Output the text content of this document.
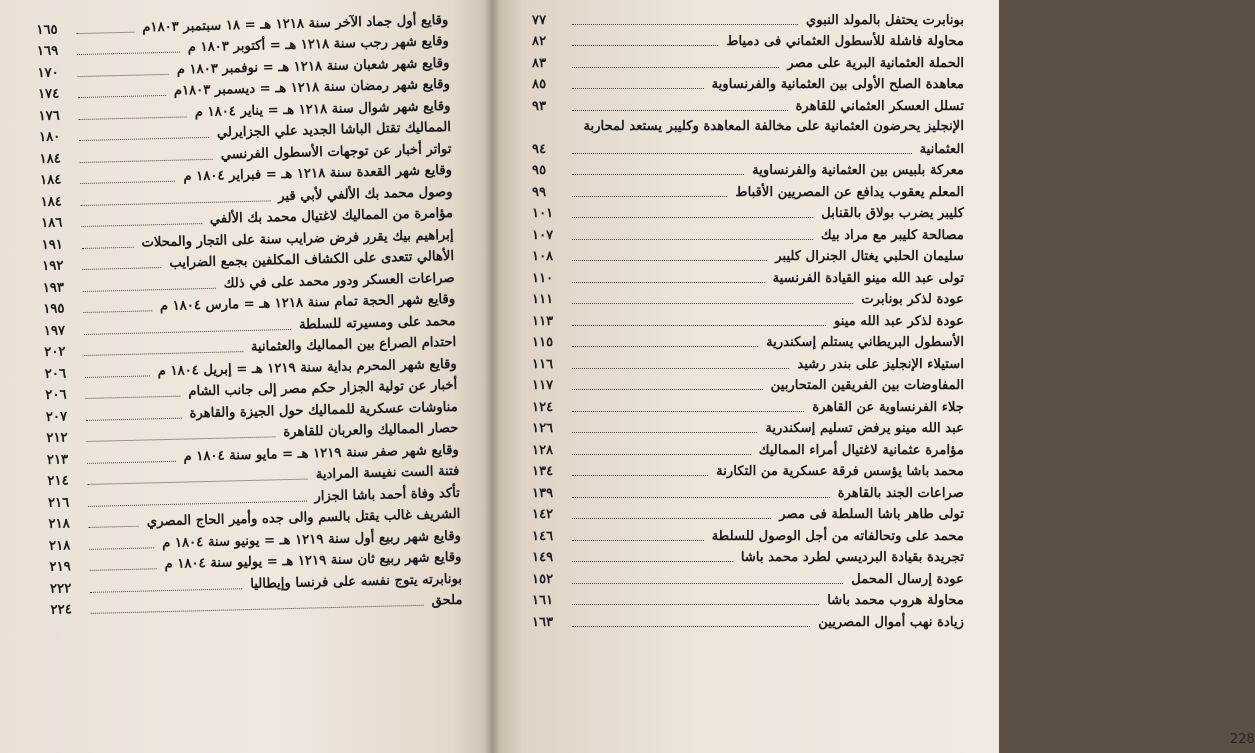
وقايع أول جماد الآخر سنة ١٢١٨ هـ = ١٨ سبتمبر ١٨٠٣م
١٦٥
وقايع شهر رجب سنة ١٢١٨ هـ = أكتوبر ١٨٠٣ م
١٦٩
وقايع شهر شعبان سنة ١٢١٨ هـ = نوفمبر ١٨٠٣ م
١٧٠
وقايع شهر رمضان سنة ١٢١٨ هـ = ديسمبر ١٨٠٣م
١٧٤
وقايع شهر شوال سنة ١٢١٨ هـ = يناير ١٨٠٤ م
١٧٦
المماليك تقتل الباشا الجديد علي الجزايرلي
١٨٠
تواتر أخبار عن توجهات الأسطول الفرنسي
١٨٤
وقايع شهر القعدة سنة ١٢١٨ هـ = فبراير ١٨٠٤ م
١٨٤
وصول محمد بك الألفي لأبي قير
١٨٤
مؤامرة من المماليك لاغتيال محمد بك الألفي
١٨٦
إبراهيم بيك يقرر فرض ضرايب سنة على التجار والمحلات
١٩١
الأهالي تتعدى على الكشاف المكلفين بجمع الضرايب
١٩٢
صراعات العسكر ودور محمد على في ذلك
١٩٣
وقايع شهر الحجة تمام سنة ١٢١٨ هـ = مارس ١٨٠٤ م
١٩٥
محمد على ومسيرته للسلطة
١٩٧
احتدام الصراع بين المماليك والعثمانية
٢٠٢
وقايع شهر المحرم بداية سنة ١٢١٩ هـ = إبريل ١٨٠٤ م
٢٠٦
أخبار عن تولية الجزار حكم مصر إلى جانب الشام
٢٠٦
مناوشات عسكرية للمماليك حول الجيزة والقاهرة
٢٠٧
حصار المماليك والعربان للقاهرة
٢١٢
وقايع شهر صفر سنة ١٢١٩ هـ = مايو سنة ١٨٠٤ م
٢١٣
فتنة الست نفيسة المرادية
٢١٤
تأكد وفاة أحمد باشا الجزار
٢١٦
الشريف غالب يقتل بالسم والى جده وأمير الحاج المصري
٢١٨
وقايع شهر ربيع أول سنة ١٢١٩ هـ = يونيو سنة ١٨٠٤ م
٢١٨
وقايع شهر ربيع ثان سنة ١٢١٩ هـ = يوليو سنة ١٨٠٤ م
٢١٩
بونابرته يتوج نفسه على فرنسا وإيطاليا
٢٢٢
ملحق
٢٢٤
بونابرت يحتفل بالمولد النبوي
٧٧
محاولة فاشلة للأسطول العثماني فى دمياط
٨٢
الحملة العثمانية البرية على مصر
٨٣
معاهدة الصلح الأولى بين العثمانية والفرنساوية
٨٥
تسلل العسكر العثماني للقاهرة
٩٣
الإنجليز يحرضون العثمانية على مخالفة المعاهدة وكليبر يستعد لمحاربة
العثمانية
٩٤
معركة بلبيس بين العثمانية والفرنساوية
٩٥
المعلم يعقوب يدافع عن المصريين الأقباط
٩٩
كليبر يضرب بولاق بالقنابل
١٠١
مصالحة كليبر مع مراد بيك
١٠٧
سليمان الحلبي يغتال الجنرال كليبر
١٠٨
تولى عبد الله مينو القيادة الفرنسية
١١٠
عودة لذكر بونابرت
١١١
عودة لذكر عبد الله مينو
١١٣
الأسطول البريطاني يستلم إسكندرية
١١٥
استيلاء الإنجليز على بندر رشيد
١١٦
المفاوضات بين الفريقين المتحاربين
١١٧
جلاء الفرنساوية عن القاهرة
١٢٤
عبد الله مينو يرفض تسليم إسكندرية
١٢٦
مؤامرة عثمانية لاغتيال أمراء المماليك
١٢٨
محمد باشا يؤسس فرقة عسكرية من التكارنة
١٣٤
صراعات الجند بالقاهرة
١٣٩
تولى طاهر باشا السلطة فى مصر
١٤٢
محمد على وتحالفاته من أجل الوصول للسلطة
١٤٦
تجريدة بقيادة البرديسي لطرد محمد باشا
١٤٩
عودة إرسال المحمل
١٥٢
محاولة هروب محمد باشا
١٦١
زيادة نهب أموال المصريين
١٦٣
228
